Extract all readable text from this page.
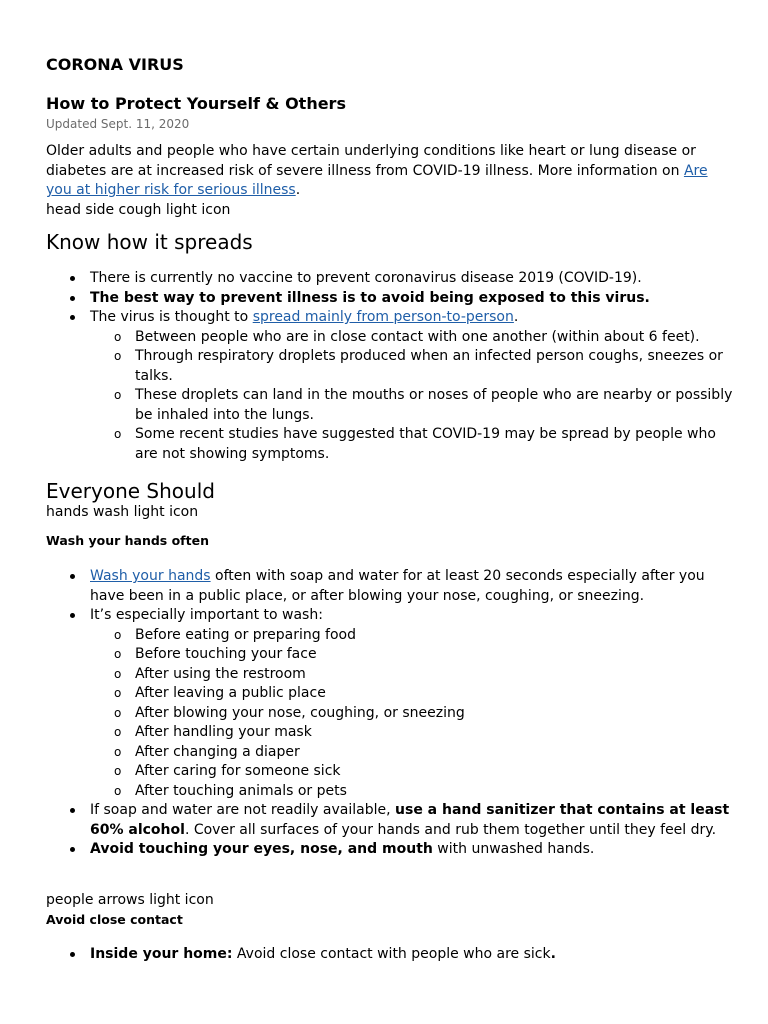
CORONA VIRUS
How to Protect Yourself & Others
Updated Sept. 11, 2020

Older adults and people who have certain underlying conditions like heart or lung disease or diabetes are at increased risk of severe illness from COVID-19 illness. More information on Are you at higher risk for serious illness.
head side cough light icon

Know how it spreads
There is currently no vaccine to prevent coronavirus disease 2019 (COVID-19).
The best way to prevent illness is to avoid being exposed to this virus.
The virus is thought to spread mainly from person-to-person.
o Between people who are in close contact with one another (within about 6 feet).
o Through respiratory droplets produced when an infected person coughs, sneezes or talks.
o These droplets can land in the mouths or noses of people who are nearby or possibly be inhaled into the lungs.
o Some recent studies have suggested that COVID-19 may be spread by people who are not showing symptoms.
Everyone Should
hands wash light icon
Wash your hands often
Wash your hands often with soap and water for at least 20 seconds especially after you have been in a public place, or after blowing your nose, coughing, or sneezing.
It’s especially important to wash:
o Before eating or preparing food
o Before touching your face
o After using the restroom
o After leaving a public place
o After blowing your nose, coughing, or sneezing
o After handling your mask
o After changing a diaper
o After caring for someone sick
o After touching animals or pets
If soap and water are not readily available, use a hand sanitizer that contains at least 60% alcohol. Cover all surfaces of your hands and rub them together until they feel dry.
Avoid touching your eyes, nose, and mouth with unwashed hands.
people arrows light icon
Avoid close contact
Inside your home: Avoid close contact with people who are sick.
